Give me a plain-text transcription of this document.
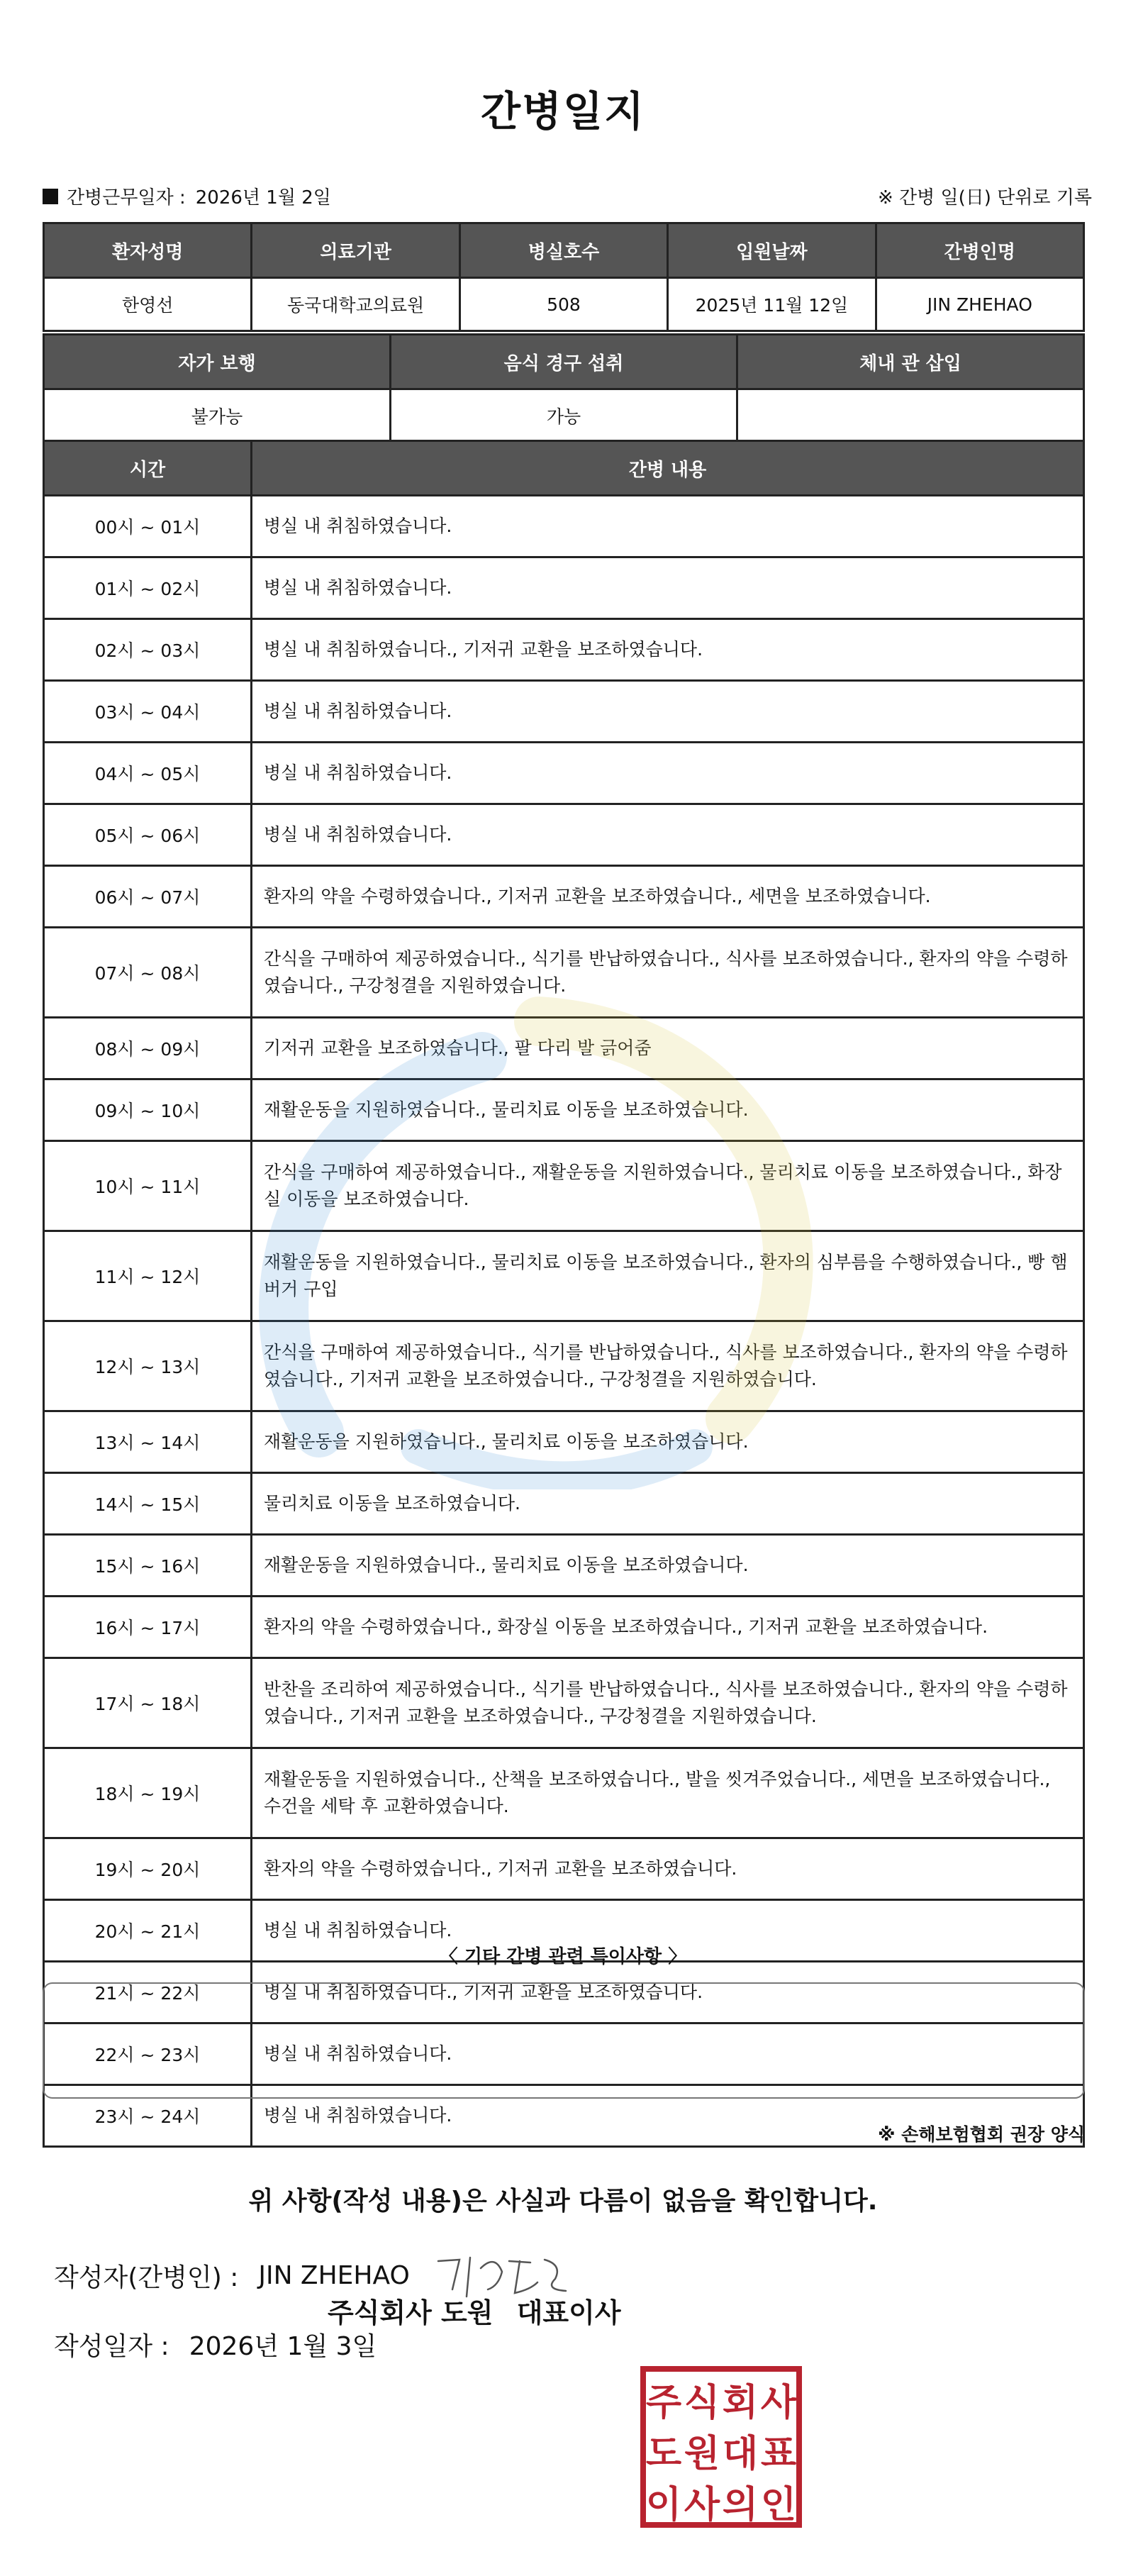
간병일지
간병근무일자 : 2026년 1월 2일	※ 간병 일(日) 단위로 기록
환자성명	의료기관	병실호수	입원날짜	간병인명
한영선	동국대학교의료원	508	2025년 11월 12일	JIN ZHEHAO
자가 보행	음식 경구 섭취	체내 관 삽입
불가능	가능	
시간	간병 내용
00시 ~ 01시	병실 내 취침하였습니다.
01시 ~ 02시	병실 내 취침하였습니다.
02시 ~ 03시	병실 내 취침하였습니다., 기저귀 교환을 보조하였습니다.
03시 ~ 04시	병실 내 취침하였습니다.
04시 ~ 05시	병실 내 취침하였습니다.
05시 ~ 06시	병실 내 취침하였습니다.
06시 ~ 07시	환자의 약을 수령하였습니다., 기저귀 교환을 보조하였습니다., 세면을 보조하였습니다.
07시 ~ 08시	간식을 구매하여 제공하였습니다., 식기를 반납하였습니다., 식사를 보조하였습니다., 환자의 약을 수령하였습니다., 구강청결을 지원하였습니다.
08시 ~ 09시	기저귀 교환을 보조하였습니다., 팔 다리 발 긁어줌
09시 ~ 10시	재활운동을 지원하였습니다., 물리치료 이동을 보조하였습니다.
10시 ~ 11시	간식을 구매하여 제공하였습니다., 재활운동을 지원하였습니다., 물리치료 이동을 보조하였습니다., 화장실 이동을 보조하였습니다.
11시 ~ 12시	재활운동을 지원하였습니다., 물리치료 이동을 보조하였습니다., 환자의 심부름을 수행하였습니다., 빵 햄버거 구입
12시 ~ 13시	간식을 구매하여 제공하였습니다., 식기를 반납하였습니다., 식사를 보조하였습니다., 환자의 약을 수령하였습니다., 기저귀 교환을 보조하였습니다., 구강청결을 지원하였습니다.
13시 ~ 14시	재활운동을 지원하였습니다., 물리치료 이동을 보조하였습니다.
14시 ~ 15시	물리치료 이동을 보조하였습니다.
15시 ~ 16시	재활운동을 지원하였습니다., 물리치료 이동을 보조하였습니다.
16시 ~ 17시	환자의 약을 수령하였습니다., 화장실 이동을 보조하였습니다., 기저귀 교환을 보조하였습니다.
17시 ~ 18시	반찬을 조리하여 제공하였습니다., 식기를 반납하였습니다., 식사를 보조하였습니다., 환자의 약을 수령하였습니다., 기저귀 교환을 보조하였습니다., 구강청결을 지원하였습니다.
18시 ~ 19시	재활운동을 지원하였습니다., 산책을 보조하였습니다., 발을 씻겨주었습니다., 세면을 보조하였습니다., 수건을 세탁 후 교환하였습니다.
19시 ~ 20시	환자의 약을 수령하였습니다., 기저귀 교환을 보조하였습니다.
20시 ~ 21시	병실 내 취침하였습니다.
21시 ~ 22시	병실 내 취침하였습니다., 기저귀 교환을 보조하였습니다.
22시 ~ 23시	병실 내 취침하였습니다.
23시 ~ 24시	병실 내 취침하였습니다.
〈 기타 간병 관련 특이사항 〉
※ 손해보험협회 권장 양식
위 사항(작성 내용)은 사실과 다름이 없음을 확인합니다.
작성자(간병인) : JIN ZHEHAO
작성일자 : 2026년 1월 3일
주식회사 도원 대표이사
주 식 회 사
도 원 대 표
이 사 의 인
